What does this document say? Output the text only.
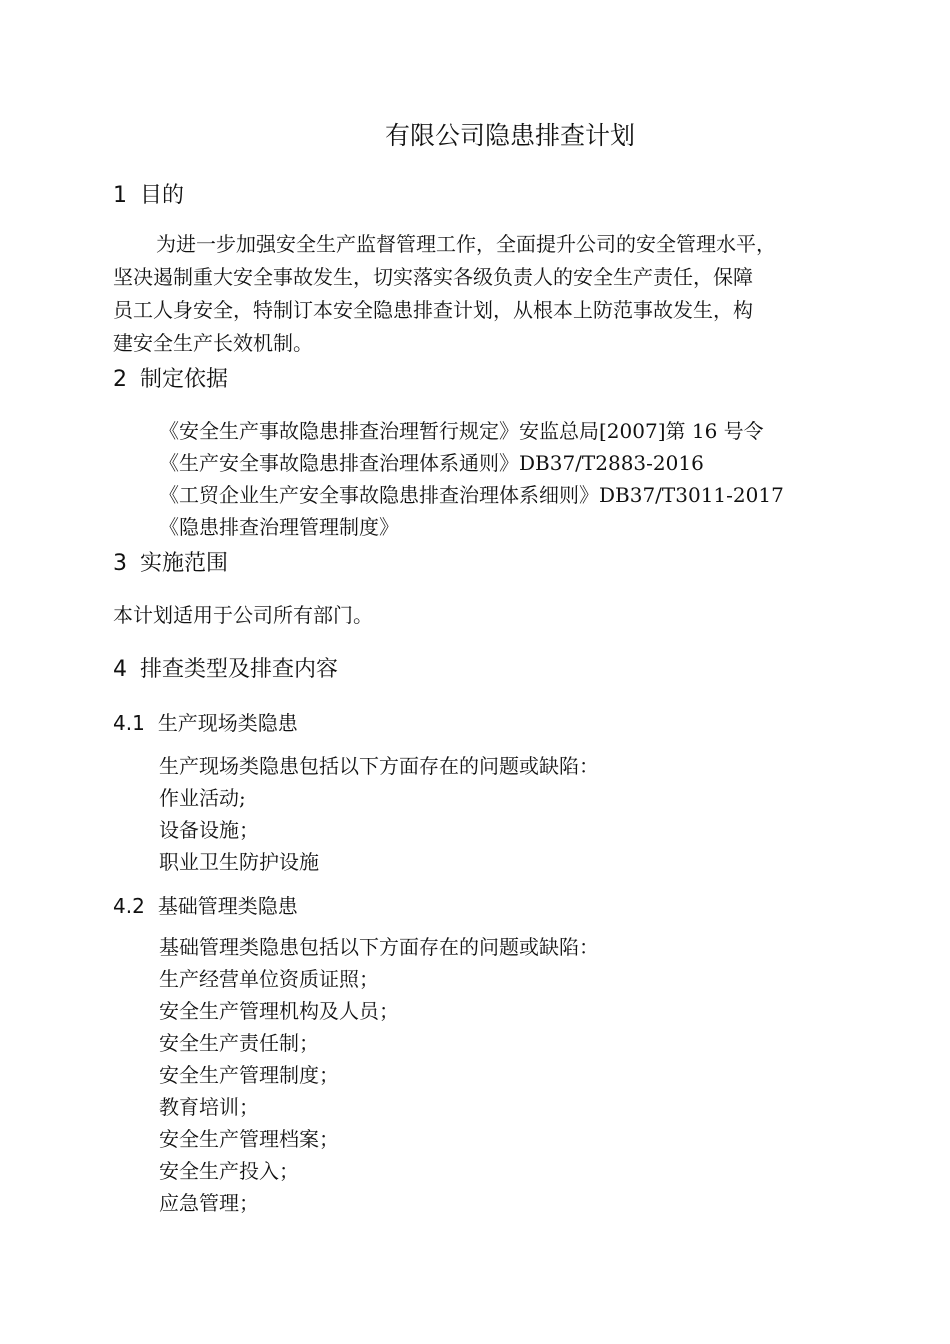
有限公司隐患排查计划
1 目的
为进一步加强安全生产监督管理工作，全面提升公司的安全管理水平，
坚决遏制重大安全事故发生，切实落实各级负责人的安全生产责任，保障
员工人身安全，特制订本安全隐患排查计划，从根本上防范事故发生，构
建安全生产长效机制。
2 制定依据
《安全生产事故隐患排查治理暂行规定》安监总局[2007]第 16 号令
《生产安全事故隐患排查治理体系通则》DB37/T2883-2016
《工贸企业生产安全事故隐患排查治理体系细则》DB37/T3011-2017
《隐患排查治理管理制度》
3 实施范围
本计划适用于公司所有部门。
4 排查类型及排查内容
4.1 生产现场类隐患
生产现场类隐患包括以下方面存在的问题或缺陷：
作业活动;
设备设施；
职业卫生防护设施
4.2 基础管理类隐患
基础管理类隐患包括以下方面存在的问题或缺陷：
生产经营单位资质证照；
安全生产管理机构及人员；
安全生产责任制；
安全生产管理制度；
教育培训；
安全生产管理档案；
安全生产投入；
应急管理；
